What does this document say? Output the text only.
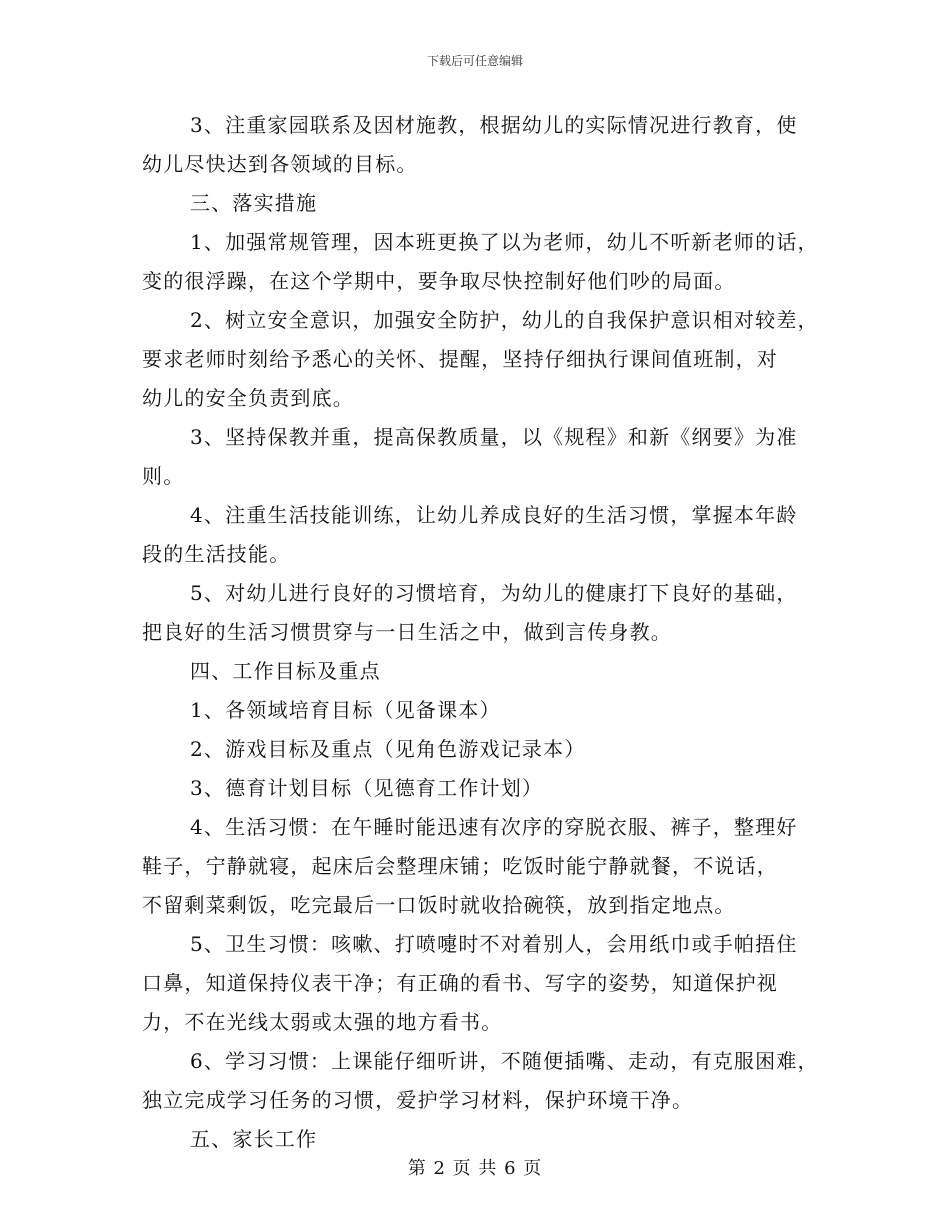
下载后可任意编辑
3、注重家园联系及因材施教，根据幼儿的实际情况进行教育，使
幼儿尽快达到各领域的目标。
三、落实措施
1、加强常规管理，因本班更换了以为老师，幼儿不听新老师的话，
变的很浮躁，在这个学期中，要争取尽快控制好他们吵的局面。
2、树立安全意识，加强安全防护，幼儿的自我保护意识相对较差，
要求老师时刻给予悉心的关怀、提醒，坚持仔细执行课间值班制，对
幼儿的安全负责到底。
3、坚持保教并重，提高保教质量，以《规程》和新《纲要》为准
则。
4、注重生活技能训练，让幼儿养成良好的生活习惯，掌握本年龄
段的生活技能。
5、对幼儿进行良好的习惯培育，为幼儿的健康打下良好的基础，
把良好的生活习惯贯穿与一日生活之中，做到言传身教。
四、工作目标及重点
1、各领域培育目标（见备课本）
2、游戏目标及重点（见角色游戏记录本）
3、德育计划目标（见德育工作计划）
4、生活习惯：在午睡时能迅速有次序的穿脱衣服、裤子，整理好
鞋子，宁静就寝，起床后会整理床铺；吃饭时能宁静就餐，不说话，
不留剩菜剩饭，吃完最后一口饭时就收拾碗筷，放到指定地点。
5、卫生习惯：咳嗽、打喷嚏时不对着别人，会用纸巾或手帕捂住
口鼻，知道保持仪表干净；有正确的看书、写字的姿势，知道保护视
力，不在光线太弱或太强的地方看书。
6、学习习惯：上课能仔细听讲，不随便插嘴、走动，有克服困难，
独立完成学习任务的习惯，爱护学习材料，保护环境干净。
五、家长工作
第 2 页 共 6 页
